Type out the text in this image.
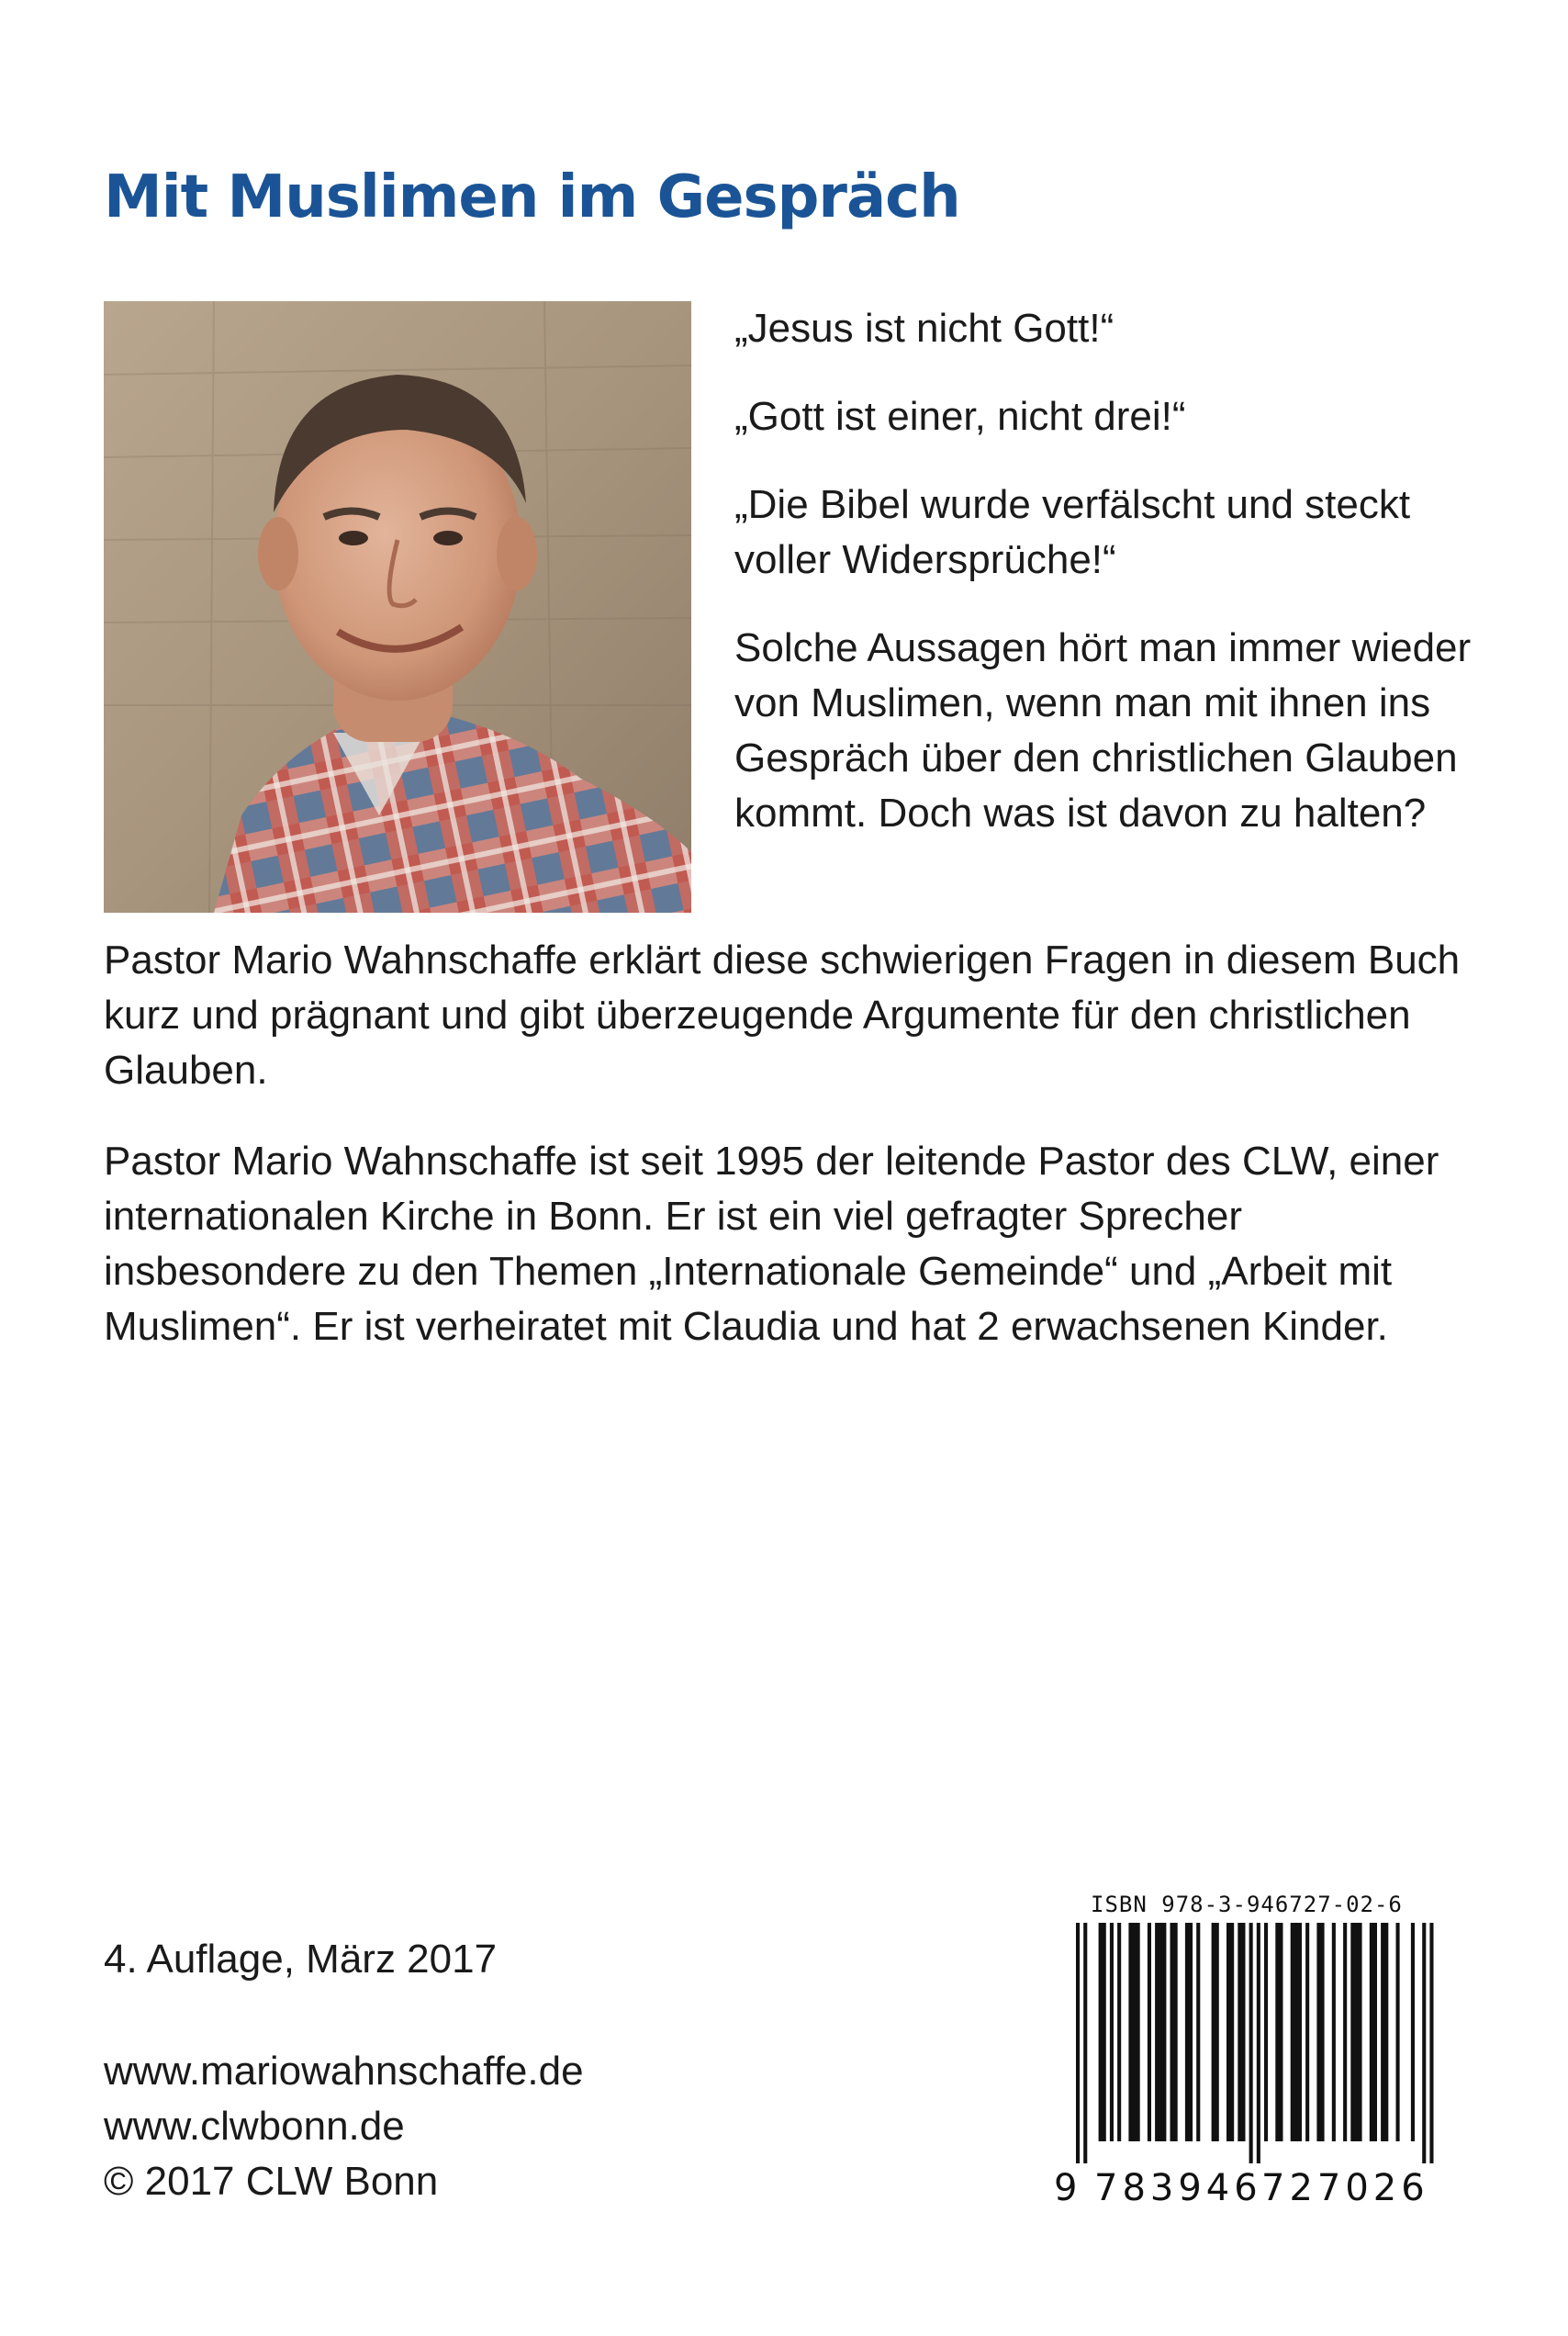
Mit Muslimen im Gespräch

„Jesus ist nicht Gott!“

„Gott ist einer, nicht drei!“

„Die Bibel wurde verfälscht und steckt voller Widersprüche!“

Solche Aussagen hört man immer wieder von Muslimen, wenn man mit ihnen ins Gespräch über den christlichen Glauben kommt. Doch was ist davon zu halten?

Pastor Mario Wahnschaffe erklärt diese schwierigen Fragen in diesem Buch kurz und prägnant und gibt überzeugende Argumente für den christlichen Glauben.

Pastor Mario Wahnschaffe ist seit 1995 der leitende Pastor des CLW, einer internationalen Kirche in Bonn. Er ist ein viel gefragter Sprecher insbesondere zu den Themen „Internationale Gemeinde“ und „Arbeit mit Muslimen“. Er ist verheiratet mit Claudia und hat 2 erwachsenen Kinder.

4. Auflage, März 2017
www.mariowahnschaffe.de
www.clwbonn.de
© 2017 CLW Bonn
ISBN 978-3-946727-02-6
9 783946 727026
